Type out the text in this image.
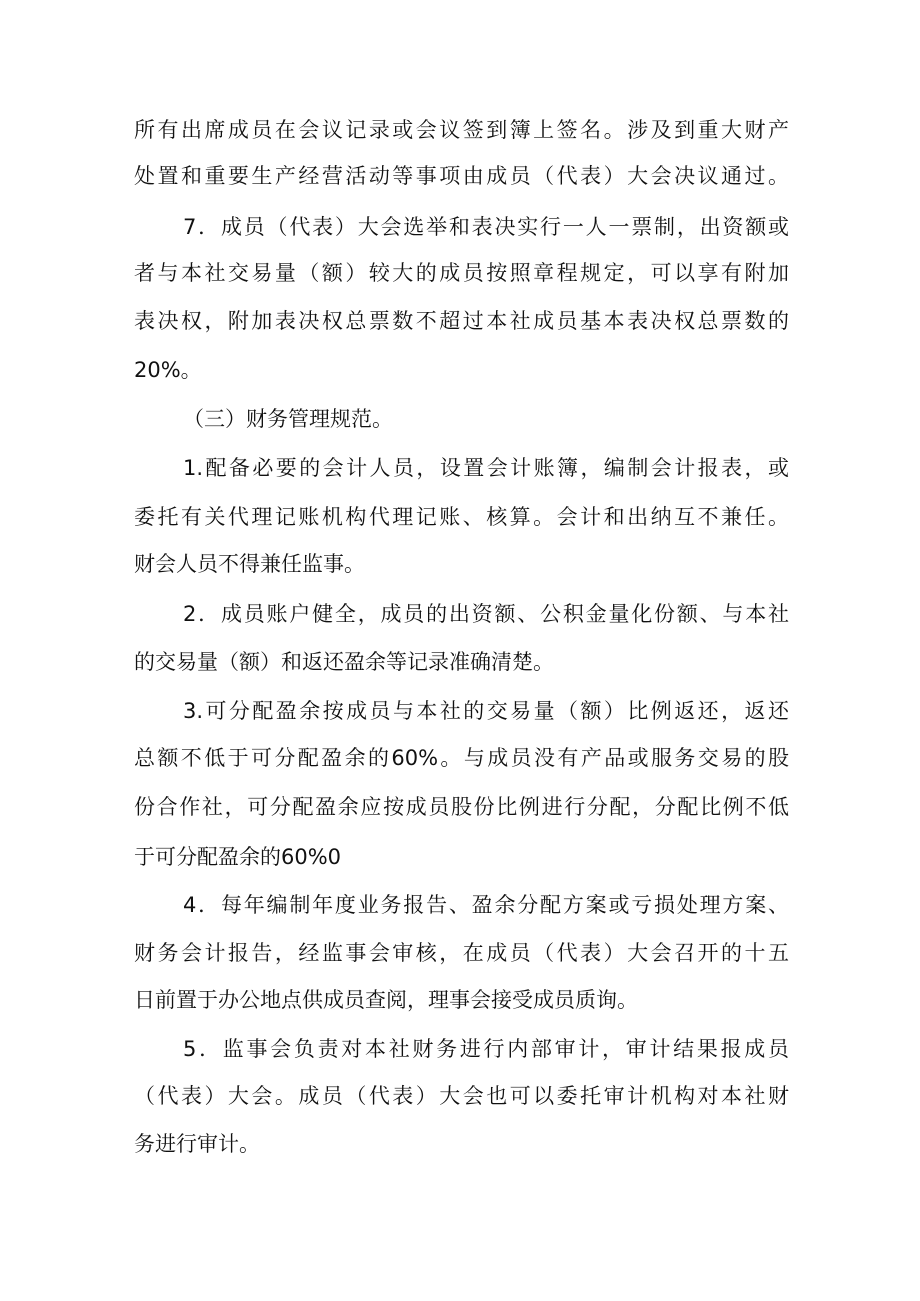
所有出席成员在会议记录或会议签到簿上签名。涉及到重大财产
处置和重要生产经营活动等事项由成员（代表）大会决议通过。
7．成员（代表）大会选举和表决实行一人一票制，出资额或
者与本社交易量（额）较大的成员按照章程规定，可以享有附加
表决权，附加表决权总票数不超过本社成员基本表决权总票数的
20%。
（三）财务管理规范。
1.配备必要的会计人员，设置会计账簿，编制会计报表，或
委托有关代理记账机构代理记账、核算。会计和出纳互不兼任。
财会人员不得兼任监事。
2．成员账户健全，成员的出资额、公积金量化份额、与本社
的交易量（额）和返还盈余等记录准确清楚。
3.可分配盈余按成员与本社的交易量（额）比例返还，返还
总额不低于可分配盈余的60%。与成员没有产品或服务交易的股
份合作社，可分配盈余应按成员股份比例进行分配，分配比例不低
于可分配盈余的60%0
4．每年编制年度业务报告、盈余分配方案或亏损处理方案、
财务会计报告，经监事会审核，在成员（代表）大会召开的十五
日前置于办公地点供成员查阅，理事会接受成员质询。
5．监事会负责对本社财务进行内部审计，审计结果报成员
（代表）大会。成员（代表）大会也可以委托审计机构对本社财
务进行审计。
